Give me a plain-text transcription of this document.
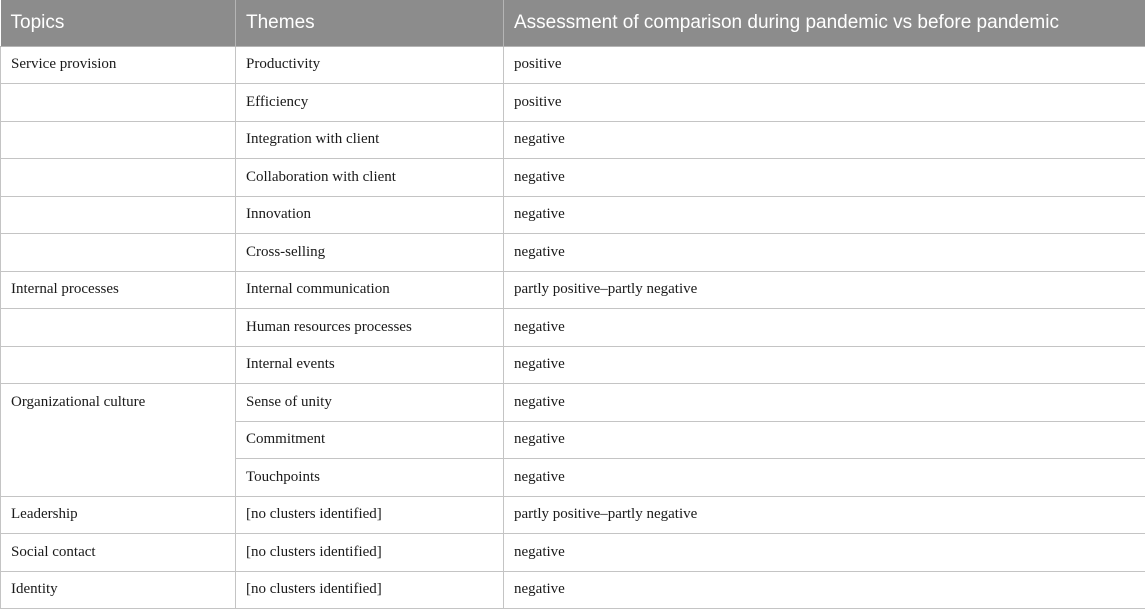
Topics	Themes	Assessment of comparison during pandemic vs before pandemic
Service provision	Productivity	positive
	Efficiency	positive
	Integration with client	negative
	Collaboration with client	negative
	Innovation	negative
	Cross-selling	negative
Internal processes	Internal communication	partly positive–partly negative
	Human resources processes	negative
	Internal events	negative
Organizational culture	Sense of unity	negative
	Commitment	negative
	Touchpoints	negative
Leadership	[no clusters identified]	partly positive–partly negative
Social contact	[no clusters identified]	negative
Identity	[no clusters identified]	negative
